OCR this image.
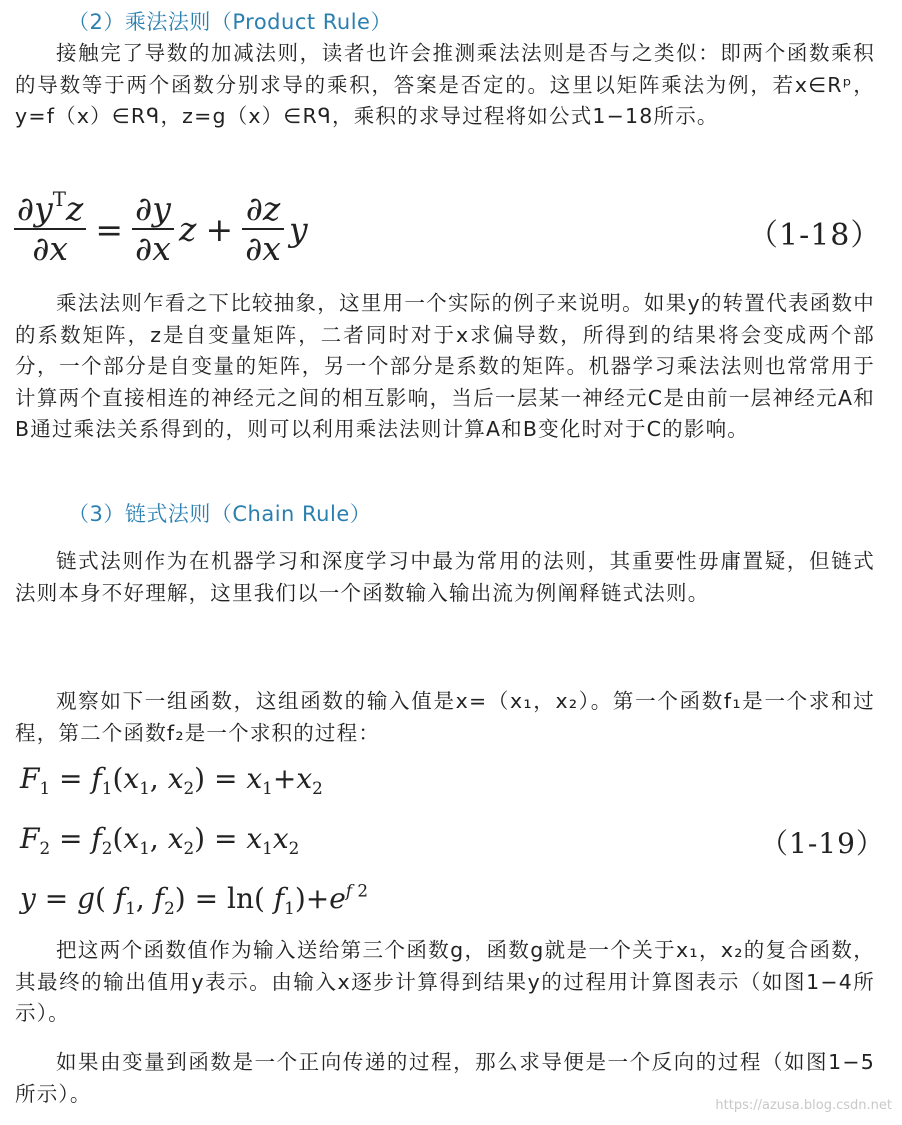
（2）乘法法则（Product Rule）

接触完了导数的加减法则，读者也许会推测乘法法则是否与之类似：即两个函数乘积的导数等于两个函数分别求导的乘积，答案是否定的。这里以矩阵乘法为例，若x∈Rᵖ，y=f（x）∈Rᑫ，z=g（x）∈Rᑫ，乘积的求导过程将如公式1−18所示。

$\frac{\partial y^Tz}{\partial x} = \frac{\partial y}{\partial x}$ $z + \frac{\partial z}{\partial x}$ y	（1-18）

乘法法则乍看之下比较抽象，这里用一个实际的例子来说明。如果y的转置代表函数中的系数矩阵，z是自变量矩阵，二者同时对于x求偏导数，所得到的结果将会变成两个部分，一个部分是自变量的矩阵，另一个部分是系数的矩阵。机器学习乘法法则也常常用于计算两个直接相连的神经元之间的相互影响，当后一层某一神经元C是由前一层神经元A和B通过乘法关系得到的，则可以利用乘法法则计算A和B变化时对于C的影响。

（3）链式法则（Chain Rule）

链式法则作为在机器学习和深度学习中最为常用的法则，其重要性毋庸置疑，但链式法则本身不好理解，这里我们以一个函数输入输出流为例阐释链式法则。

观察如下一组函数，这组函数的输入值是x=（x₁，x₂）。第一个函数f₁是一个求和过程，第二个函数f₂是一个求积的过程：

$F_1 = f_1(x_1$, $x_2) = x_1+x_2$
$F_2 = f_2(x_1$, $x_2) = x_1x_2$	（1-19）
y = g( $f_1$, $f_2) = \ln$( $f_1)+e^{f 2}$

把这两个函数值作为输入送给第三个函数g，函数g就是一个关于x₁，x₂的复合函数，其最终的输出值用y表示。由输入x逐步计算得到结果y的过程用计算图表示（如图1−4所示）。

如果由变量到函数是一个正向传递的过程，那么求导便是一个反向的过程（如图1−5所示）。	https://azusa.blog.csdn.net
